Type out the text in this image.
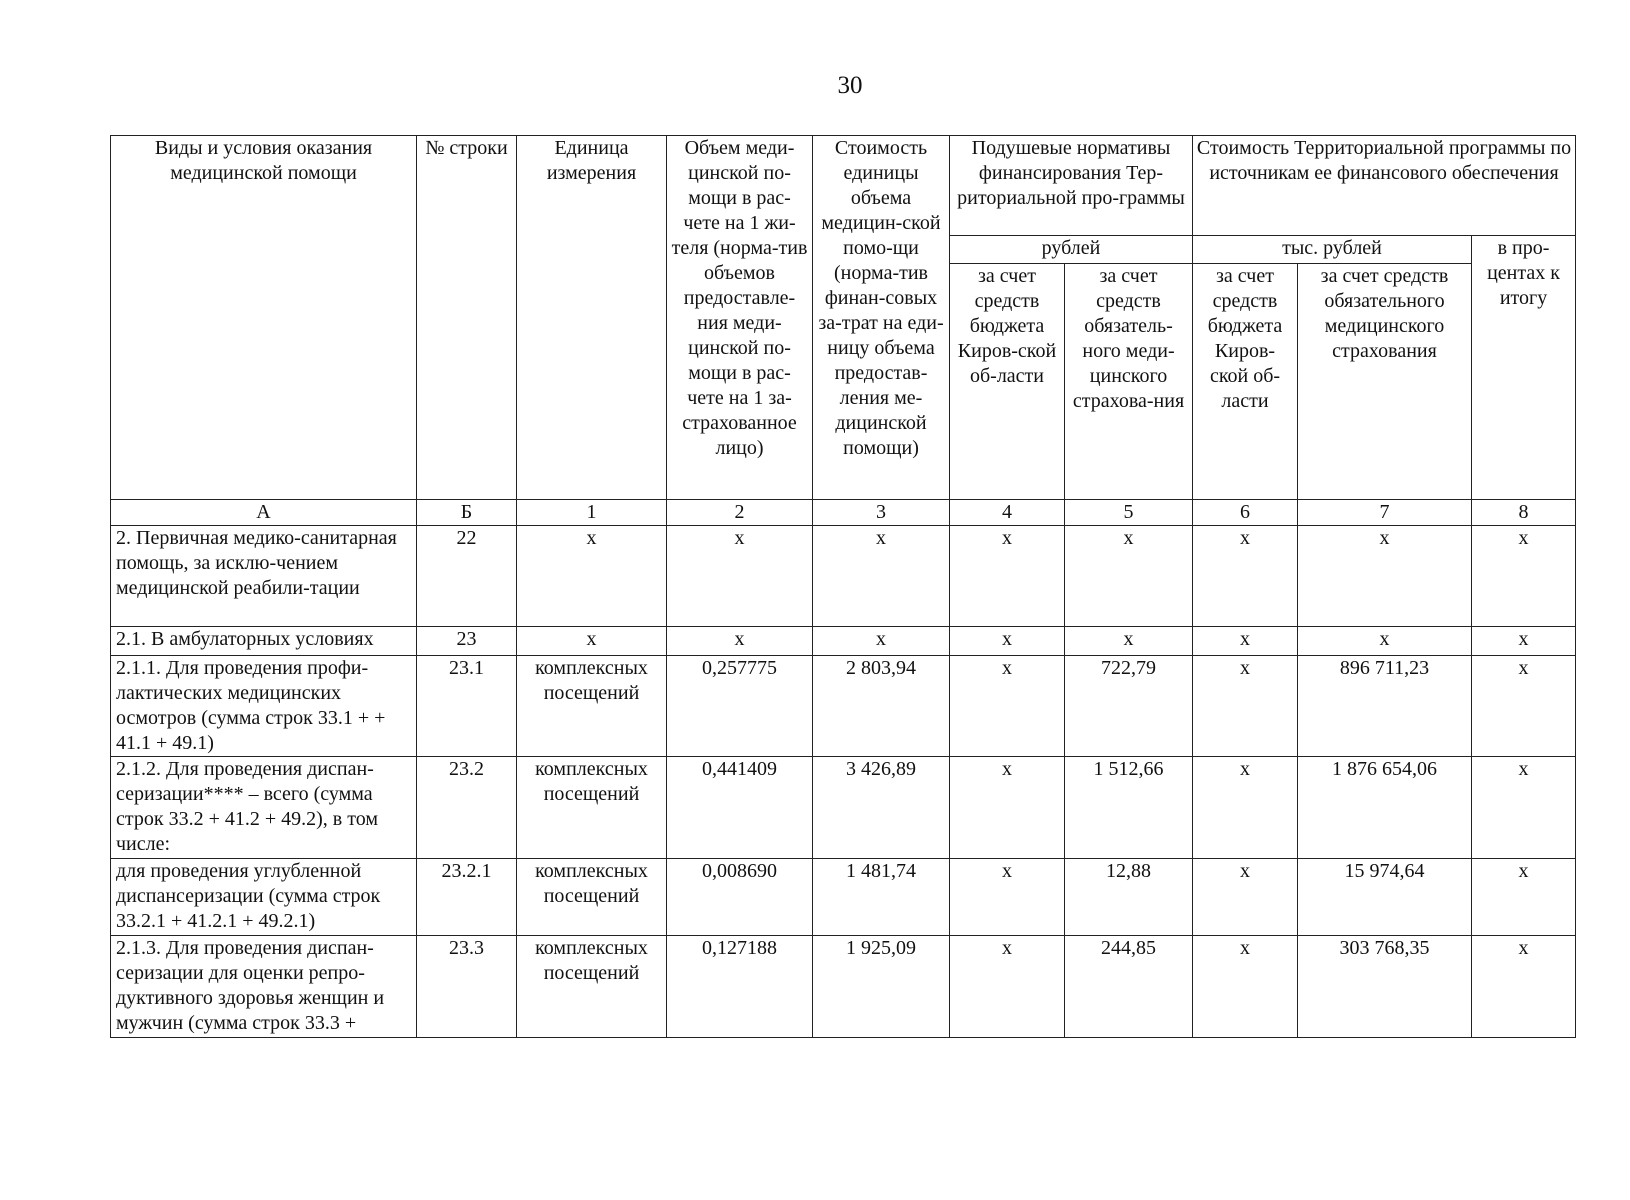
30
Виды и условия оказания медицинской помощи	№ строки	Единица измерения	Объем меди-цинской по-мощи в рас-чете на 1 жи-теля (норма-тив объемов предоставле-ния меди-цинской по-мощи в рас-чете на 1 за-страхованное лицо)	Стоимость единицы объема медицин-ской помо-щи (норма-тив финан-совых за-трат на еди-ницу объема предостав-ления ме-дицинской помощи)	Подушевые нормативы финансирования Тер-риториальной про-граммы		Стоимость Территориальной программы по источникам ее финансового обеспечения		
					рублей		тыс. рублей		в про-центах к итогу
					за счет средств бюджета Киров-ской об-ласти	за счет средств обязатель-ного меди-цинского страхова-ния	за счет средств бюджета Киров-ской об-ласти	за счет средств обязательного медицинского страхования	
А	Б	1	2	3	4	5	6	7	8
2. Первичная медико-санитарная помощь, за исклю-чением медицинской реабили-тации	22	х	х	х	х	х	х	х	х
2.1. В амбулаторных условиях	23	х	х	х	х	х	х	х	х
2.1.1. Для проведения профи-лактических медицинских осмотров (сумма строк 33.1 + + 41.1 + 49.1)	23.1	комплексных посещений	0,257775	2 803,94	х	722,79	х	896 711,23	х
2.1.2. Для проведения диспан-серизации**** – всего (сумма строк 33.2 + 41.2 + 49.2), в том числе:	23.2	комплексных посещений	0,441409	3 426,89	х	1 512,66	х	1 876 654,06	х
для проведения углубленной диспансеризации (сумма строк 33.2.1 + 41.2.1 + 49.2.1)	23.2.1	комплексных посещений	0,008690	1 481,74	х	12,88	х	15 974,64	х
2.1.3. Для проведения диспан-серизации для оценки репро-дуктивного здоровья женщин и мужчин (сумма строк 33.3 +	23.3	комплексных посещений	0,127188	1 925,09	х	244,85	х	303 768,35	х
